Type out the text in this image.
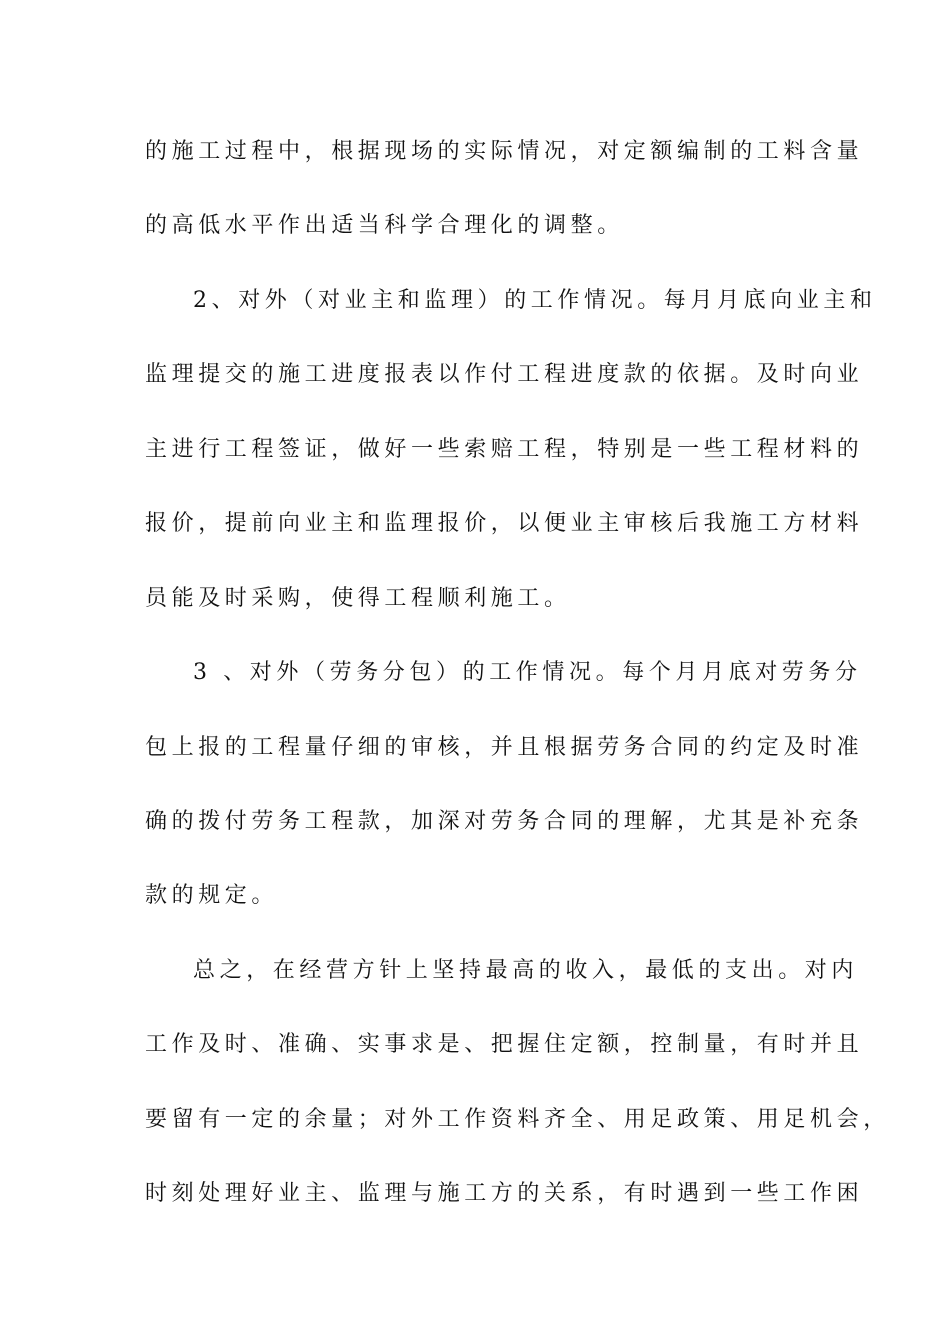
的施工过程中，根据现场的实际情况，对定额编制的工料含量
的高低水平作出适当科学合理化的调整。
2、对外（对业主和监理）的工作情况。每月月底向业主和
监理提交的施工进度报表以作付工程进度款的依据。及时向业
主进行工程签证，做好一些索赔工程，特别是一些工程材料的
报价，提前向业主和监理报价，以便业主审核后我施工方材料
员能及时采购，使得工程顺利施工。
3 、对外（劳务分包）的工作情况。每个月月底对劳务分
包上报的工程量仔细的审核，并且根据劳务合同的约定及时准
确的拨付劳务工程款，加深对劳务合同的理解，尤其是补充条
款的规定。
总之，在经营方针上坚持最高的收入，最低的支出。对内
工作及时、准确、实事求是、把握住定额，控制量，有时并且
要留有一定的余量；对外工作资料齐全、用足政策、用足机会，
时刻处理好业主、监理与施工方的关系，有时遇到一些工作困
